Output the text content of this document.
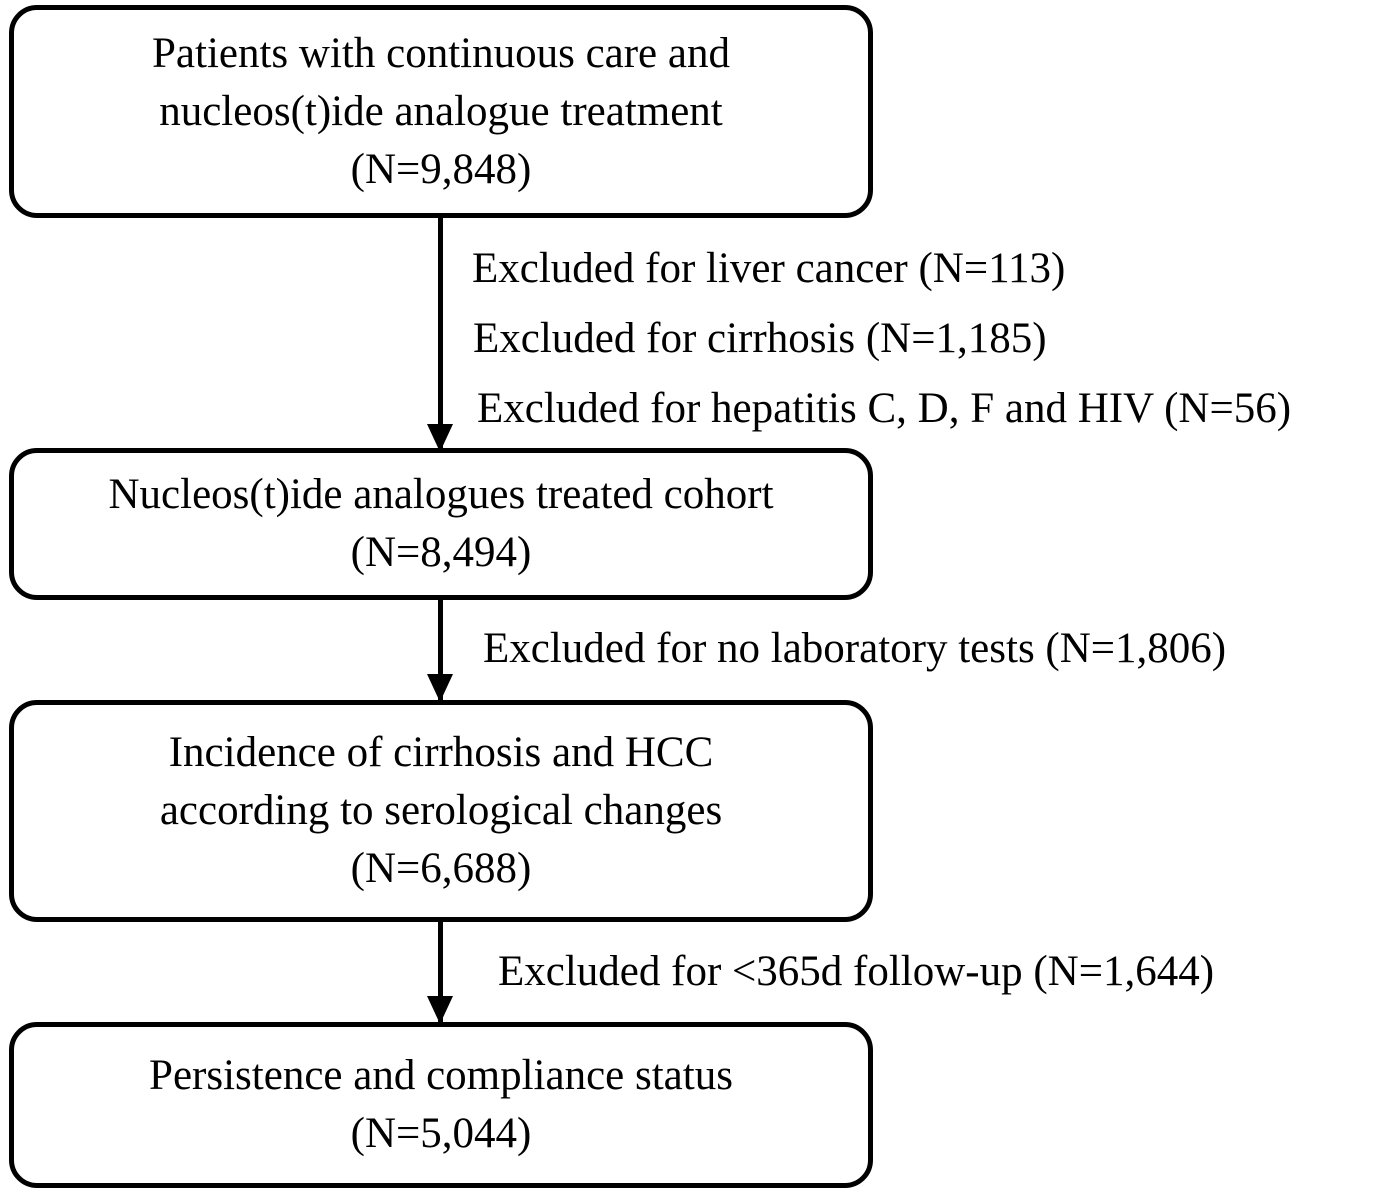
Patients with continuous care and
nucleos(t)ide analogue treatment
(N=9,848)
Nucleos(t)ide analogues treated cohort
(N=8,494)
Incidence of cirrhosis and HCC
according to serological changes
(N=6,688)
Persistence and compliance status
(N=5,044)
Excluded for liver cancer (N=113)
Excluded for cirrhosis (N=1,185)
Excluded for hepatitis C, D, F and HIV (N=56)
Excluded for no laboratory tests (N=1,806)
Excluded for <365d follow-up (N=1,644)
